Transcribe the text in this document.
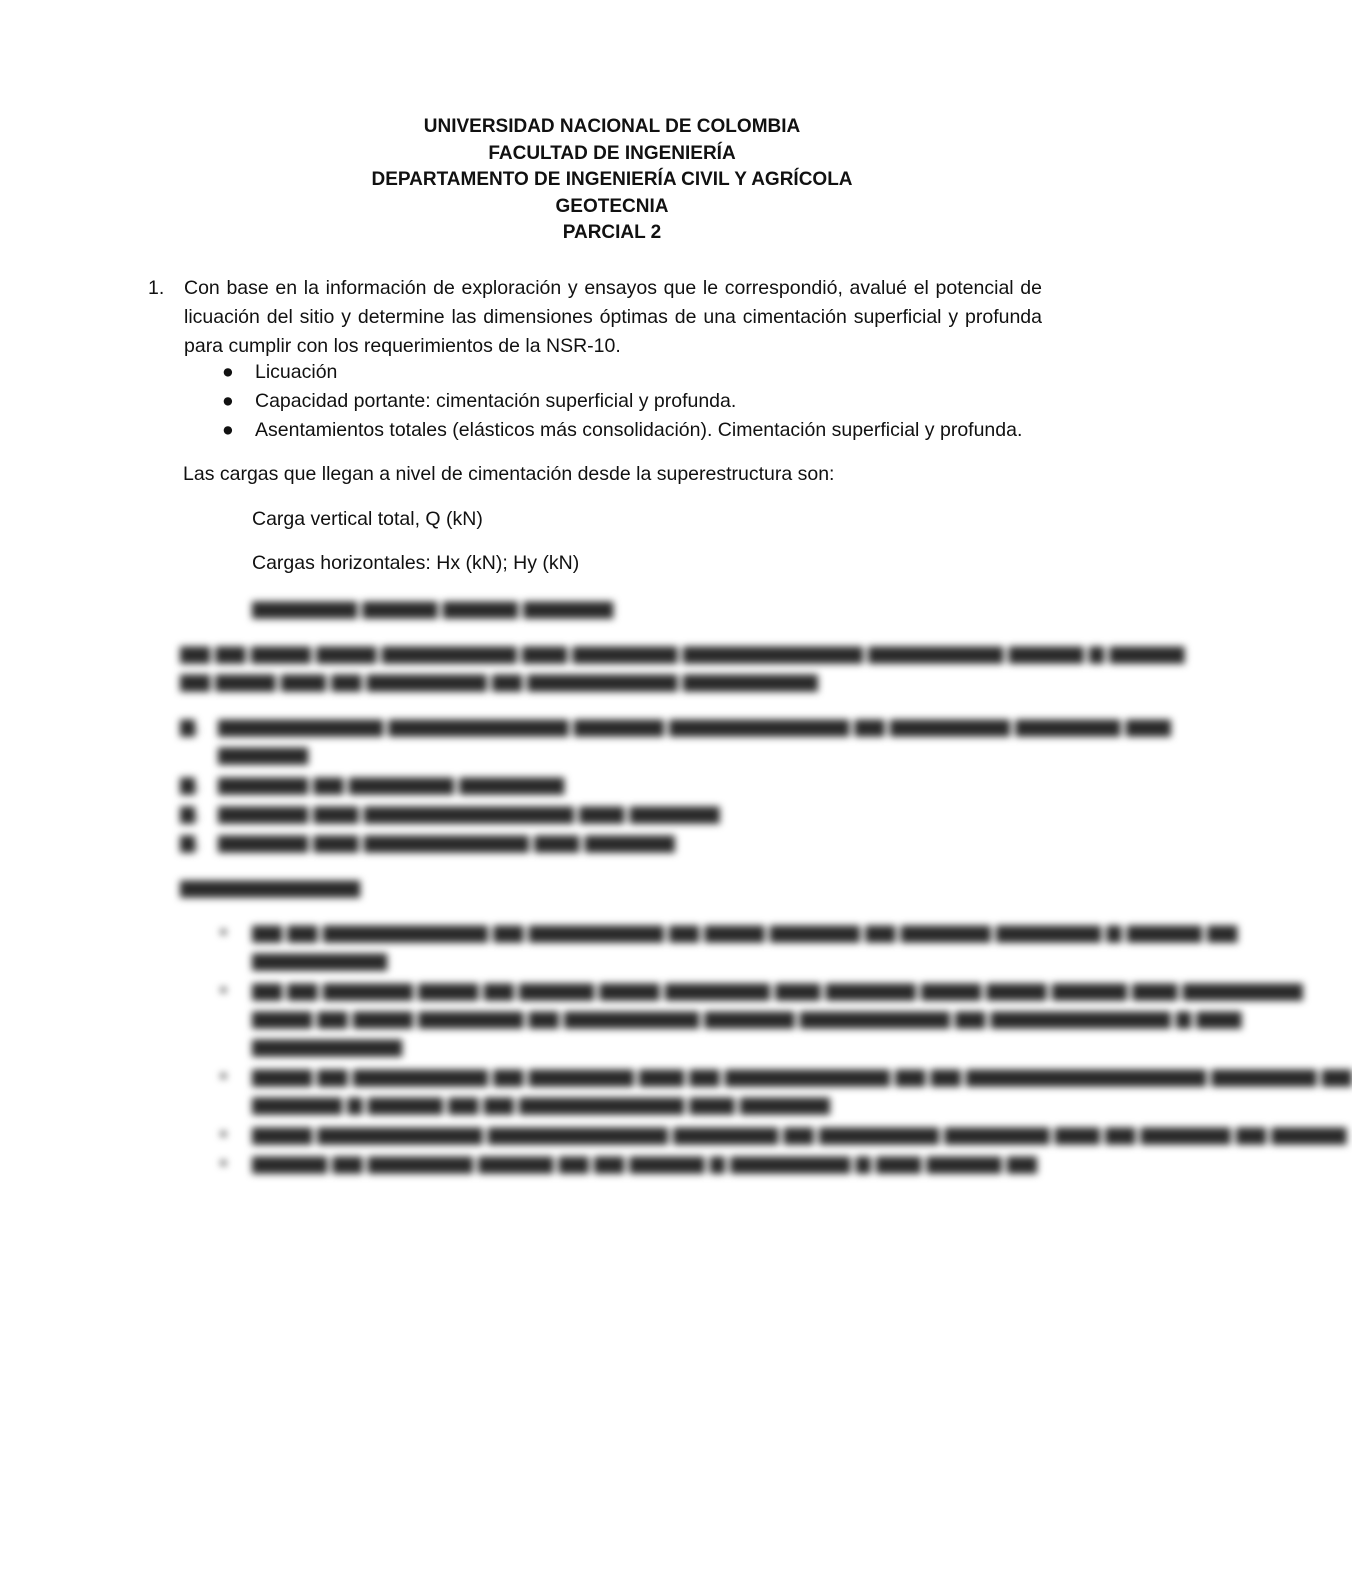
UNIVERSIDAD NACIONAL DE COLOMBIA
FACULTAD DE INGENIERÍA
DEPARTAMENTO DE INGENIERÍA CIVIL Y AGRÍCOLA
GEOTECNIA
PARCIAL 2
1. Con base en la información de exploración y ensayos que le correspondió, avalué el potencial de licuación del sitio y determine las dimensiones óptimas de una cimentación superficial y profunda para cumplir con los requerimientos de la NSR-10.
● Licuación
● Capacidad portante: cimentación superficial y profunda.
● Asentamientos totales (elásticos más consolidación). Cimentación superficial y profunda.
Las cargas que llegan a nivel de cimentación desde la superestructura son:
Carga vertical total, Q (kN)
Cargas horizontales: Hx (kN); Hy (kN)
▆▆▆▆▆▆▆ ▆▆▆▆▆ ▆▆▆▆▆ ▆▆▆▆▆▆
▆▆ ▆▆ ▆▆▆▆ ▆▆▆▆ ▆▆▆▆▆▆▆▆▆ ▆▆▆ ▆▆▆▆▆▆▆ ▆▆▆▆▆▆▆▆▆▆▆▆ ▆▆▆▆▆▆▆▆▆ ▆▆▆▆▆ ▆ ▆▆▆▆▆
▆▆ ▆▆▆▆ ▆▆▆ ▆▆ ▆▆▆▆▆▆▆▆ ▆▆ ▆▆▆▆▆▆▆▆▆▆ ▆▆▆▆▆▆▆▆▆
▆. ▆▆▆▆▆▆▆▆▆▆▆ ▆▆▆▆▆▆▆▆▆▆▆▆ ▆▆▆▆▆▆ ▆▆▆▆▆▆▆▆▆▆▆▆ ▆▆ ▆▆▆▆▆▆▆▆ ▆▆▆▆▆▆▆ ▆▆▆
▆▆▆▆▆▆
▆. ▆▆▆▆▆▆ ▆▆ ▆▆▆▆▆▆▆ ▆▆▆▆▆▆▆
▆. ▆▆▆▆▆▆ ▆▆▆ ▆▆▆▆▆▆▆▆▆▆▆▆▆▆ ▆▆▆ ▆▆▆▆▆▆
▆. ▆▆▆▆▆▆ ▆▆▆ ▆▆▆▆▆▆▆▆▆▆▆ ▆▆▆ ▆▆▆▆▆▆
▆▆▆▆▆▆▆▆▆▆▆▆
▪ ▆▆ ▆▆ ▆▆▆▆▆▆▆▆▆▆▆ ▆▆ ▆▆▆▆▆▆▆▆▆ ▆▆ ▆▆▆▆ ▆▆▆▆▆▆ ▆▆ ▆▆▆▆▆▆ ▆▆▆▆▆▆▆ ▆ ▆▆▆▆▆ ▆▆
▆▆▆▆▆▆▆▆▆
▪ ▆▆ ▆▆ ▆▆▆▆▆▆ ▆▆▆▆ ▆▆ ▆▆▆▆▆ ▆▆▆▆ ▆▆▆▆▆▆▆ ▆▆▆ ▆▆▆▆▆▆ ▆▆▆▆ ▆▆▆▆ ▆▆▆▆▆ ▆▆▆ ▆▆▆▆▆▆▆▆
▆▆▆▆ ▆▆ ▆▆▆▆ ▆▆▆▆▆▆▆ ▆▆ ▆▆▆▆▆▆▆▆▆ ▆▆▆▆▆▆ ▆▆▆▆▆▆▆▆▆▆ ▆▆ ▆▆▆▆▆▆▆▆▆▆▆▆ ▆ ▆▆▆
▆▆▆▆▆▆▆▆▆▆
▪ ▆▆▆▆ ▆▆ ▆▆▆▆▆▆▆▆▆ ▆▆ ▆▆▆▆▆▆▆ ▆▆▆ ▆▆ ▆▆▆▆▆▆▆▆▆▆▆ ▆▆ ▆▆ ▆▆▆▆▆▆▆▆▆▆▆▆▆▆▆▆ ▆▆▆▆▆▆▆ ▆▆
▆▆▆▆▆▆ ▆ ▆▆▆▆▆ ▆▆ ▆▆ ▆▆▆▆▆▆▆▆▆▆▆ ▆▆▆ ▆▆▆▆▆▆
▪ ▆▆▆▆ ▆▆▆▆▆▆▆▆▆▆▆ ▆▆▆▆▆▆▆▆▆▆▆▆ ▆▆▆▆▆▆▆ ▆▆ ▆▆▆▆▆▆▆▆ ▆▆▆▆▆▆▆ ▆▆▆ ▆▆ ▆▆▆▆▆▆ ▆▆ ▆▆▆▆▆
▪ ▆▆▆▆▆ ▆▆ ▆▆▆▆▆▆▆ ▆▆▆▆▆ ▆▆ ▆▆ ▆▆▆▆▆ ▆ ▆▆▆▆▆▆▆▆ ▆ ▆▆▆ ▆▆▆▆▆ ▆▆
